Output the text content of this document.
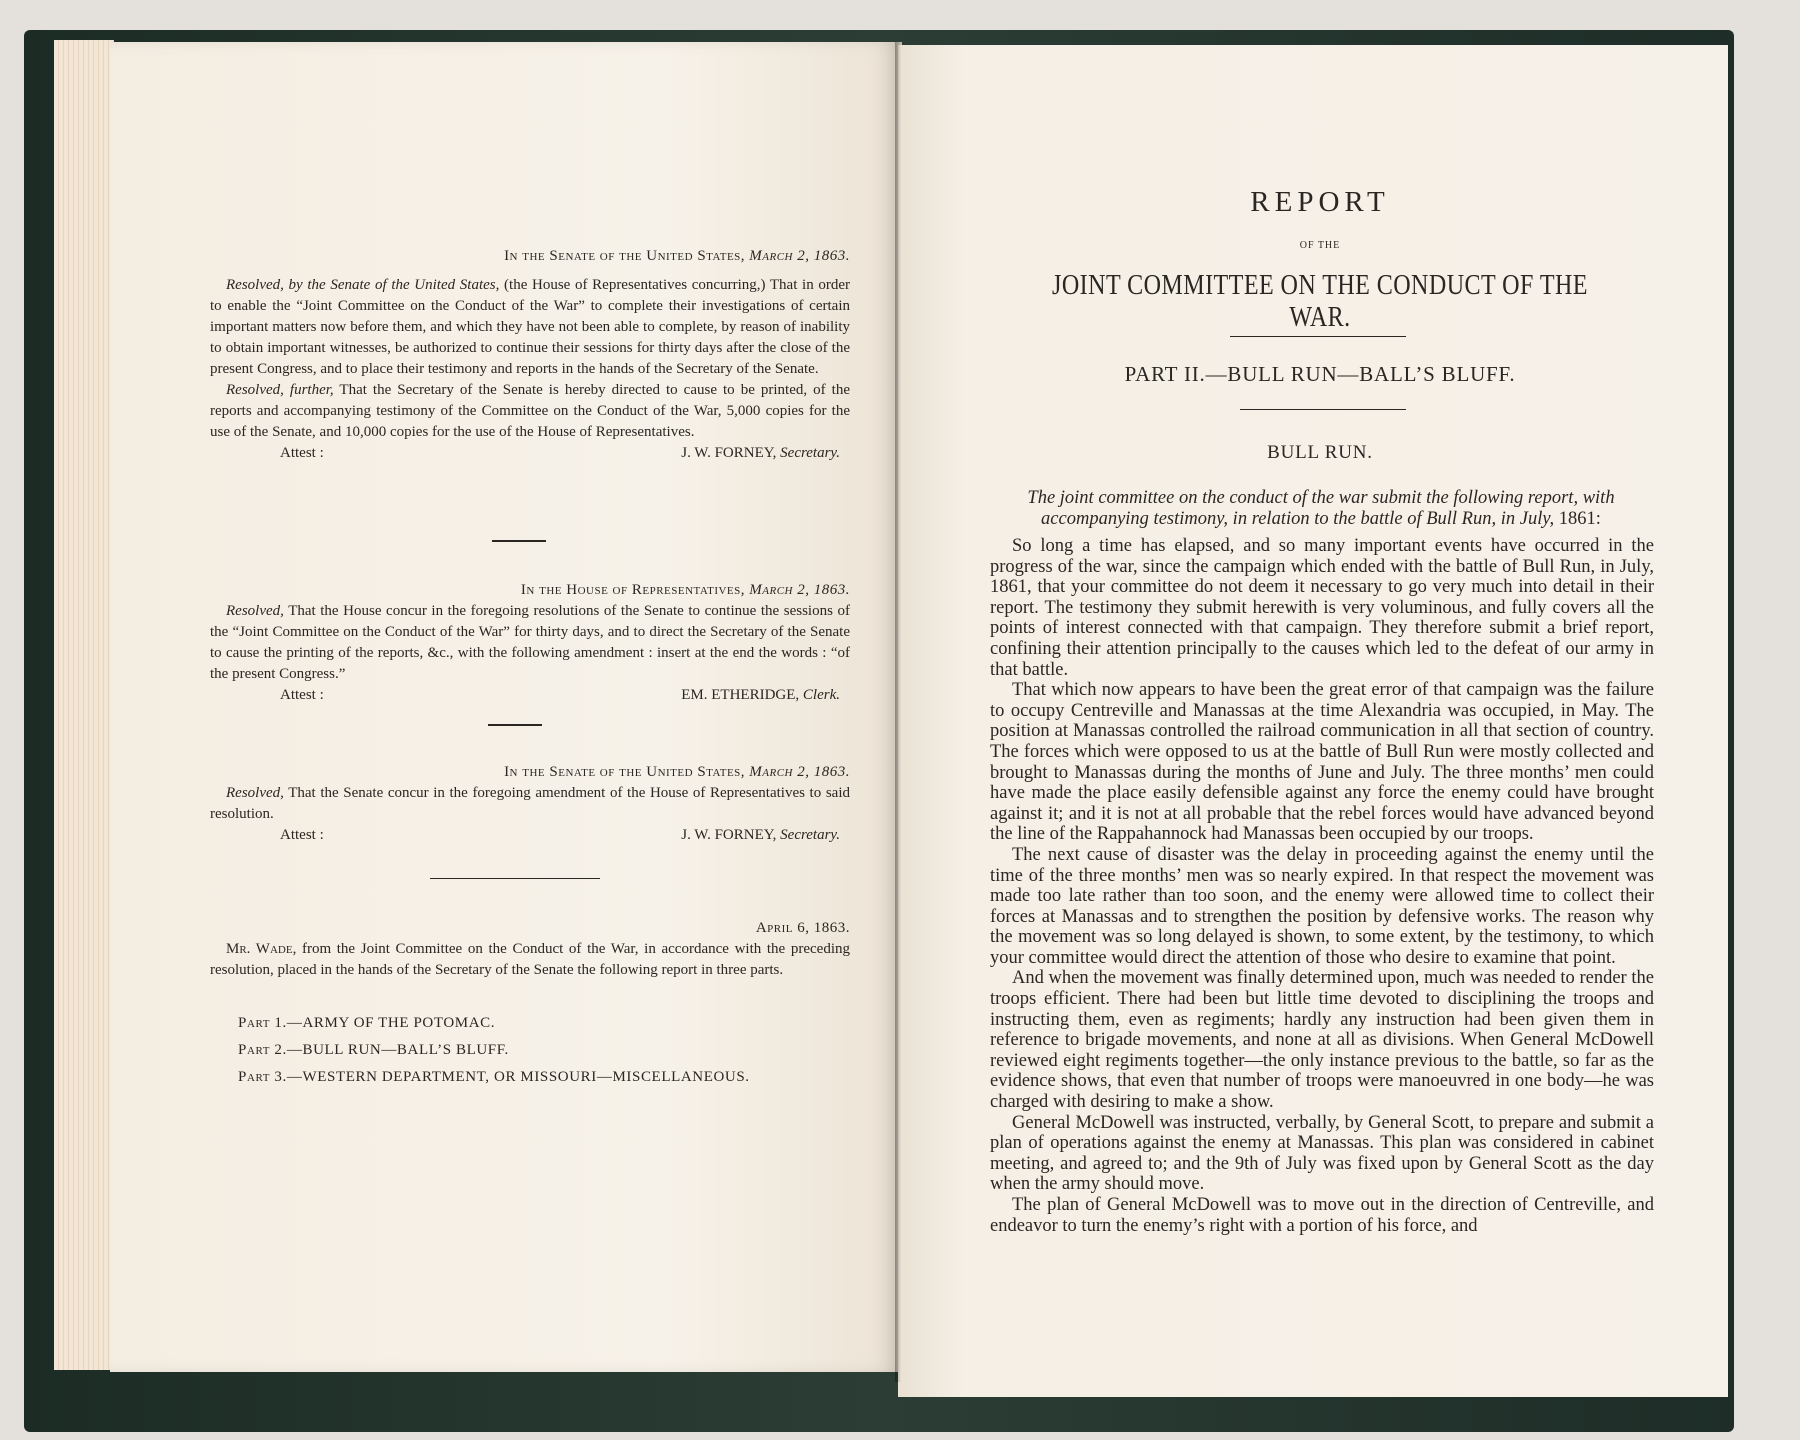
In the Senate of the United States, March 2, 1863.

Resolved, by the Senate of the United States, (the House of Representatives concurring,) That in order to enable the “Joint Committee on the Conduct of the War” to complete their investigations of certain important matters now before them, and which they have not been able to complete, by reason of inability to obtain important witnesses, be authorized to continue their sessions for thirty days after the close of the present Congress, and to place their testimony and reports in the hands of the Secretary of the Senate.

Resolved, further, That the Secretary of the Senate is hereby directed to cause to be printed, of the reports and accompanying testimony of the Committee on the Conduct of the War, 5,000 copies for the use of the Senate, and 10,000 copies for the use of the House of Representatives.

Attest :	J. W. FORNEY, Secretary.
In the House of Representatives, March 2, 1863.

Resolved, That the House concur in the foregoing resolutions of the Senate to continue the sessions of the “Joint Committee on the Conduct of the War” for thirty days, and to direct the Secretary of the Senate to cause the printing of the reports, &c., with the following amendment : insert at the end the words : “of the present Congress.”

Attest :	EM. ETHERIDGE, Clerk.
In the Senate of the United States, March 2, 1863.

Resolved, That the Senate concur in the foregoing amendment of the House of Representatives to said resolution.

Attest :	J. W. FORNEY, Secretary.
April 6, 1863.

Mr. Wade, from the Joint Committee on the Conduct of the War, in accordance with the preceding resolution, placed in the hands of the Secretary of the Senate the following report in three parts.

Part 1.—ARMY OF THE POTOMAC.
Part 2.—BULL RUN—BALL’S BLUFF.
Part 3.—WESTERN DEPARTMENT, OR MISSOURI—MISCELLANEOUS.
REPORT
OF THE
JOINT COMMITTEE ON THE CONDUCT OF THE WAR.
PART II.—BULL RUN—BALL’S BLUFF.
BULL RUN.
The joint committee on the conduct of the war submit the following report, with accompanying testimony, in relation to the battle of Bull Run, in July, 1861:

So long a time has elapsed, and so many important events have occurred in the progress of the war, since the campaign which ended with the battle of Bull Run, in July, 1861, that your committee do not deem it necessary to go very much into detail in their report. The testimony they submit herewith is very voluminous, and fully covers all the points of interest connected with that campaign. They therefore submit a brief report, confining their attention principally to the causes which led to the defeat of our army in that battle.

That which now appears to have been the great error of that campaign was the failure to occupy Centreville and Manassas at the time Alexandria was occupied, in May. The position at Manassas controlled the railroad communication in all that section of country. The forces which were opposed to us at the battle of Bull Run were mostly collected and brought to Manassas during the months of June and July. The three months’ men could have made the place easily defensible against any force the enemy could have brought against it; and it is not at all probable that the rebel forces would have advanced beyond the line of the Rappahannock had Manassas been occupied by our troops.

The next cause of disaster was the delay in proceeding against the enemy until the time of the three months’ men was so nearly expired. In that respect the movement was made too late rather than too soon, and the enemy were allowed time to collect their forces at Manassas and to strengthen the position by defensive works. The reason why the movement was so long delayed is shown, to some extent, by the testimony, to which your committee would direct the attention of those who desire to examine that point.

And when the movement was finally determined upon, much was needed to render the troops efficient. There had been but little time devoted to disciplining the troops and instructing them, even as regiments; hardly any instruction had been given them in reference to brigade movements, and none at all as divisions. When General McDowell reviewed eight regiments together—the only instance previous to the battle, so far as the evidence shows, that even that number of troops were manoeuvred in one body—he was charged with desiring to make a show.

General McDowell was instructed, verbally, by General Scott, to prepare and submit a plan of operations against the enemy at Manassas. This plan was considered in cabinet meeting, and agreed to; and the 9th of July was fixed upon by General Scott as the day when the army should move.

The plan of General McDowell was to move out in the direction of Centreville, and endeavor to turn the enemy’s right with a portion of his force, and
